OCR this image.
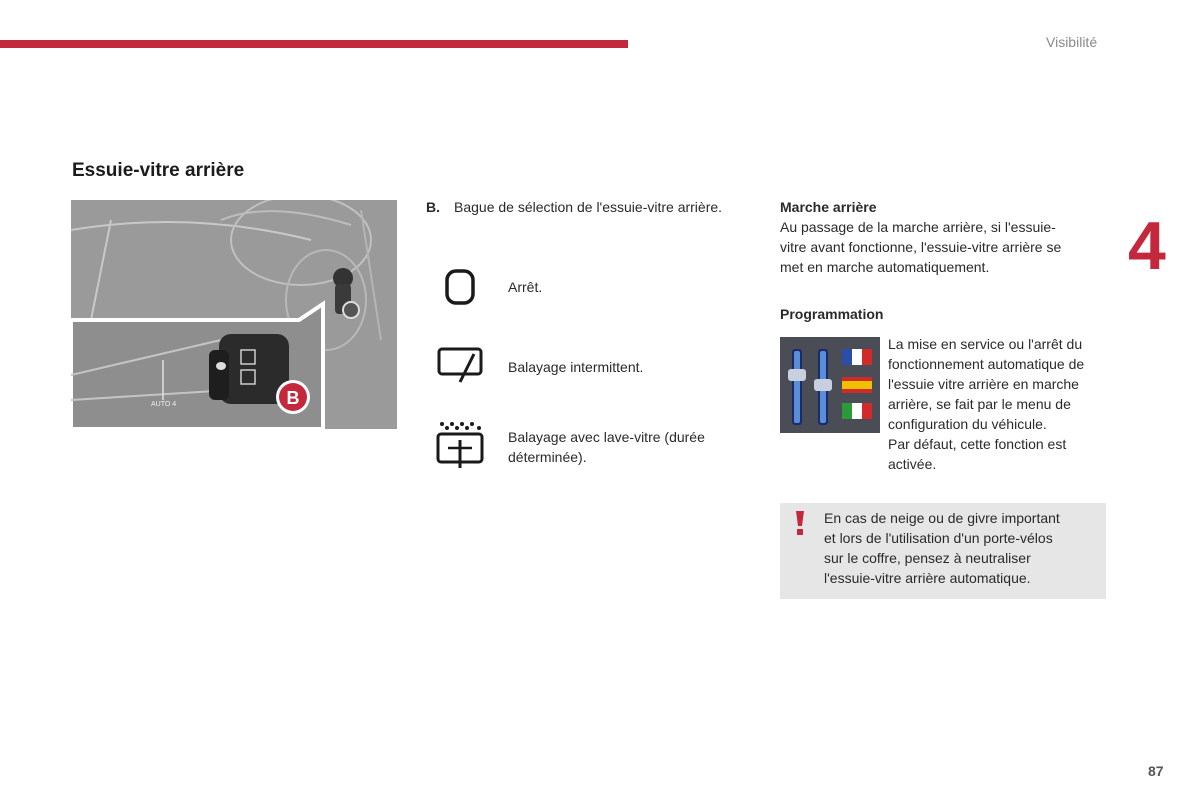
Visibilité
4
Essuie-vitre arrière
B
AUTO 4
B. Bague de sélection de l'essuie-vitre arrière.
Arrêt.
Balayage intermittent.
Balayage avec lave-vitre (durée
déterminée).
Marche arrière
Au passage de la marche arrière, si l'essuie-
vitre avant fonctionne, l'essuie-vitre arrière se
met en marche automatiquement.
Programmation
La mise en service ou l'arrêt du
fonctionnement automatique de
l'essuie vitre arrière en marche
arrière, se fait par le menu de
configuration du véhicule.
Par défaut, cette fonction est
activée.
En cas de neige ou de givre important
et lors de l'utilisation d'un porte-vélos
sur le coffre, pensez à neutraliser
l'essuie-vitre arrière automatique.
87
